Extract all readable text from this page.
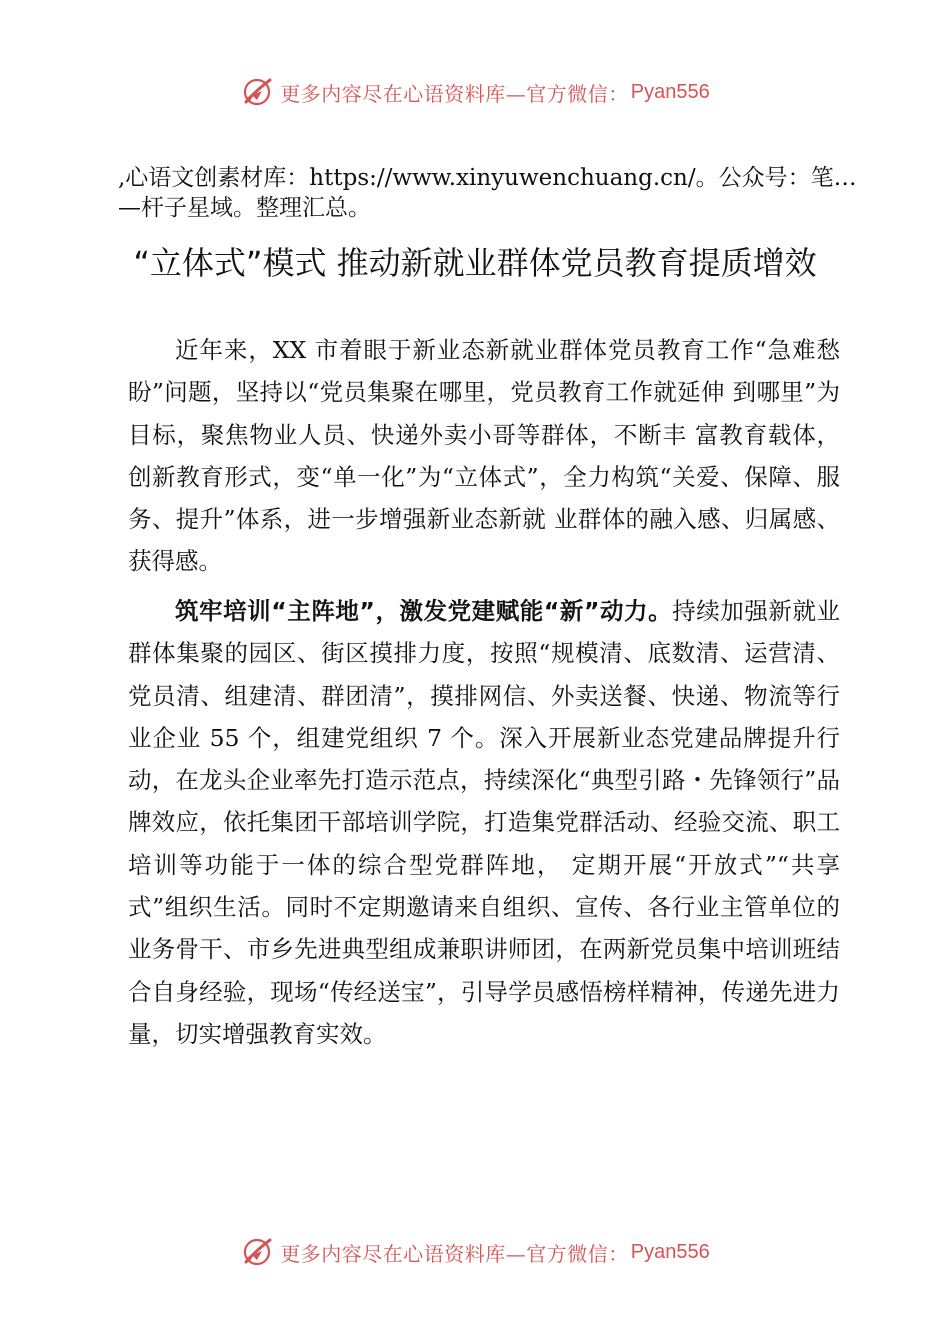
更多内容尽在心语资料库—官方微信： Pyan556

,心语文创素材库：https://www.xinyuwenchuang.cn/。公众号：笔…—杆子星域。整理汇总。

“立体式”模式 推动新就业群体党员教育提质增效

近年来，XX 市着眼于新业态新就业群体党员教育工作“急难愁盼”问题，坚持以“党员集聚在哪里，党员教育工作就延伸 到哪里”为目标，聚焦物业人员、快递外卖小哥等群体，不断丰 富教育载体，创新教育形式，变“单一化”为“立体式”，全力构筑“关爱、保障、服务、提升”体系，进一步增强新业态新就 业群体的融入感、归属感、获得感。

筑牢培训“主阵地”，激发党建赋能“新”动力。持续加强新就业群体集聚的园区、街区摸排力度，按照“规模清、底数清、运营清、党员清、组建清、群团清”，摸排网信、外卖送餐、快递、物流等行业企业 55 个，组建党组织 7 个。深入开展新业态党建品牌提升行动，在龙头企业率先打造示范点，持续深化“典型引路・先锋领行”品牌效应，依托集团干部培训学院，打造集党群活动、经验交流、职工培训等功能于一体的综合型党群阵地， 定期开展“开放式”“共享式”组织生活。同时不定期邀请来自组织、宣传、各行业主管单位的业务骨干、市乡先进典型组成兼职讲师团，在两新党员集中培训班结合自身经验，现场“传经送宝”，引导学员感悟榜样精神，传递先进力量，切实增强教育实效。

更多内容尽在心语资料库—官方微信： Pyan556
